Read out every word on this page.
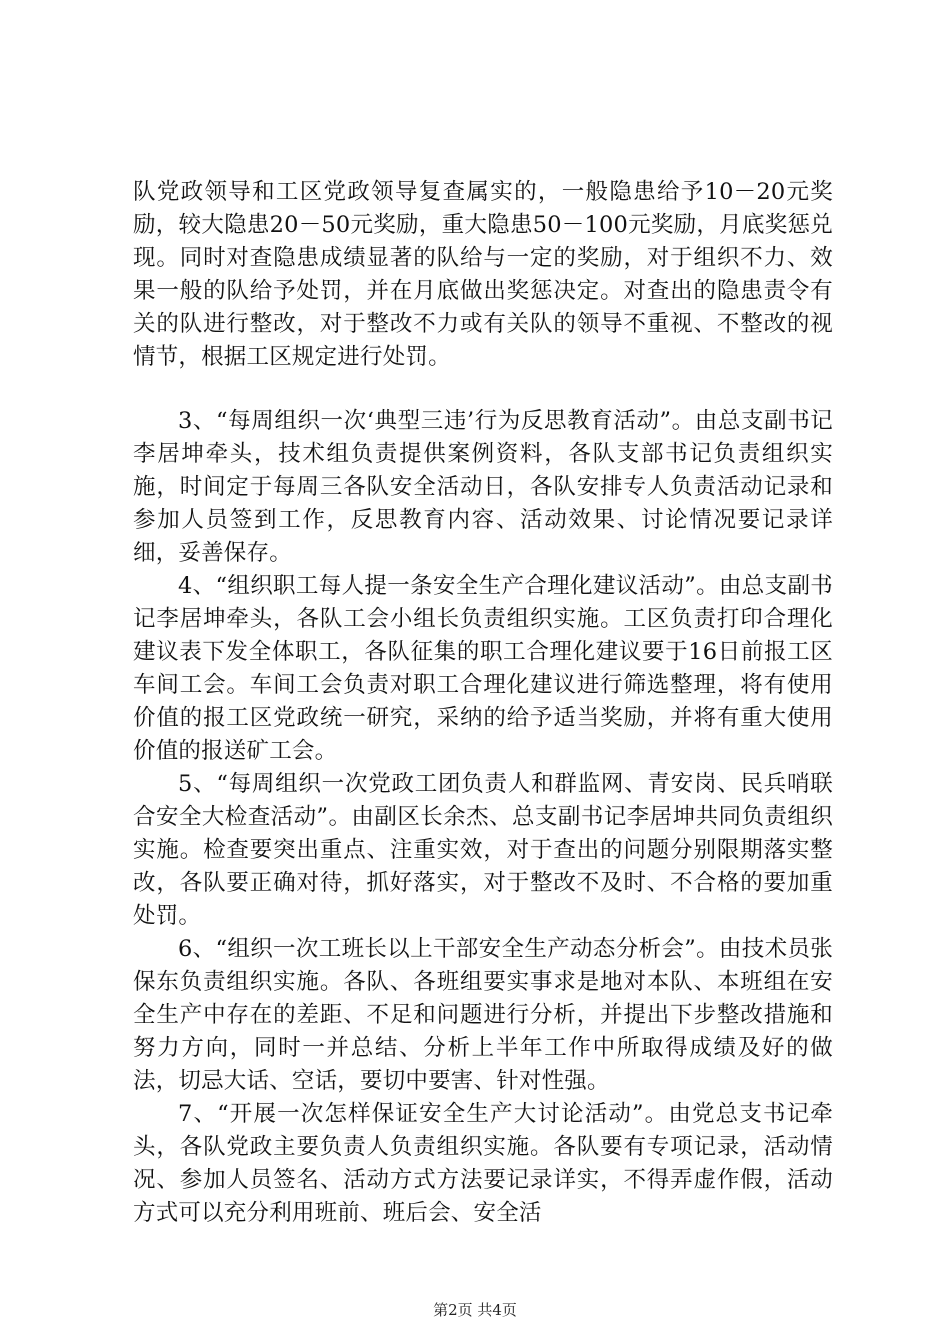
队党政领导和工区党政领导复查属实的，一般隐患给予10－20元奖励，较大隐患20－50元奖励，重大隐患50－100元奖励，月底奖惩兑现。同时对查隐患成绩显著的队给与一定的奖励，对于组织不力、效果一般的队给予处罚，并在月底做出奖惩决定。对查出的隐患责令有关的队进行整改，对于整改不力或有关队的领导不重视、不整改的视情节，根据工区规定进行处罚。

3、“每周组织一次‘典型三违’行为反思教育活动”。由总支副书记李居坤牵头，技术组负责提供案例资料，各队支部书记负责组织实施，时间定于每周三各队安全活动日，各队安排专人负责活动记录和参加人员签到工作，反思教育内容、活动效果、讨论情况要记录详细，妥善保存。

4、“组织职工每人提一条安全生产合理化建议活动”。由总支副书记李居坤牵头，各队工会小组长负责组织实施。工区负责打印合理化建议表下发全体职工，各队征集的职工合理化建议要于16日前报工区车间工会。车间工会负责对职工合理化建议进行筛选整理，将有使用价值的报工区党政统一研究，采纳的给予适当奖励，并将有重大使用价值的报送矿工会。

5、“每周组织一次党政工团负责人和群监网、青安岗、民兵哨联合安全大检查活动”。由副区长余杰、总支副书记李居坤共同负责组织实施。检查要突出重点、注重实效，对于查出的问题分别限期落实整改，各队要正确对待，抓好落实，对于整改不及时、不合格的要加重处罚。

6、“组织一次工班长以上干部安全生产动态分析会”。由技术员张保东负责组织实施。各队、各班组要实事求是地对本队、本班组在安全生产中存在的差距、不足和问题进行分析，并提出下步整改措施和努力方向，同时一并总结、分析上半年工作中所取得成绩及好的做法，切忌大话、空话，要切中要害、针对性强。

7、“开展一次怎样保证安全生产大讨论活动”。由党总支书记牵头，各队党政主要负责人负责组织实施。各队要有专项记录，活动情况、参加人员签名、活动方式方法要记录详实，不得弄虚作假，活动方式可以充分利用班前、班后会、安全活

第2页 共4页
